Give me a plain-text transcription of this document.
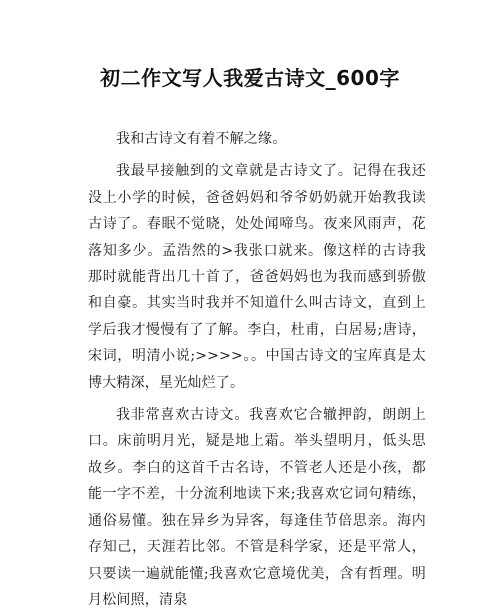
初二作文写人我爱古诗文_600字

我和古诗文有着不解之缘。

我最早接触到的文章就是古诗文了。记得在我还没上小学的时候，爸爸妈妈和爷爷奶奶就开始教我读古诗了。春眠不觉晓，处处闻啼鸟。夜来风雨声，花落知多少。孟浩然的>我张口就来。像这样的古诗我那时就能背出几十首了，爸爸妈妈也为我而感到骄傲和自豪。其实当时我并不知道什么叫古诗文，直到上学后我才慢慢有了了解。李白，杜甫，白居易;唐诗，宋词，明清小说;>>>>。。中国古诗文的宝库真是太博大精深，星光灿烂了。

我非常喜欢古诗文。我喜欢它合辙押韵，朗朗上口。床前明月光，疑是地上霜。举头望明月，低头思故乡。李白的这首千古名诗，不管老人还是小孩，都能一字不差，十分流利地读下来;我喜欢它词句精练，通俗易懂。独在异乡为异客，每逢佳节倍思亲。海内存知己，天涯若比邻。不管是科学家，还是平常人，只要读一遍就能懂;我喜欢它意境优美，含有哲理。明月松间照，清泉
